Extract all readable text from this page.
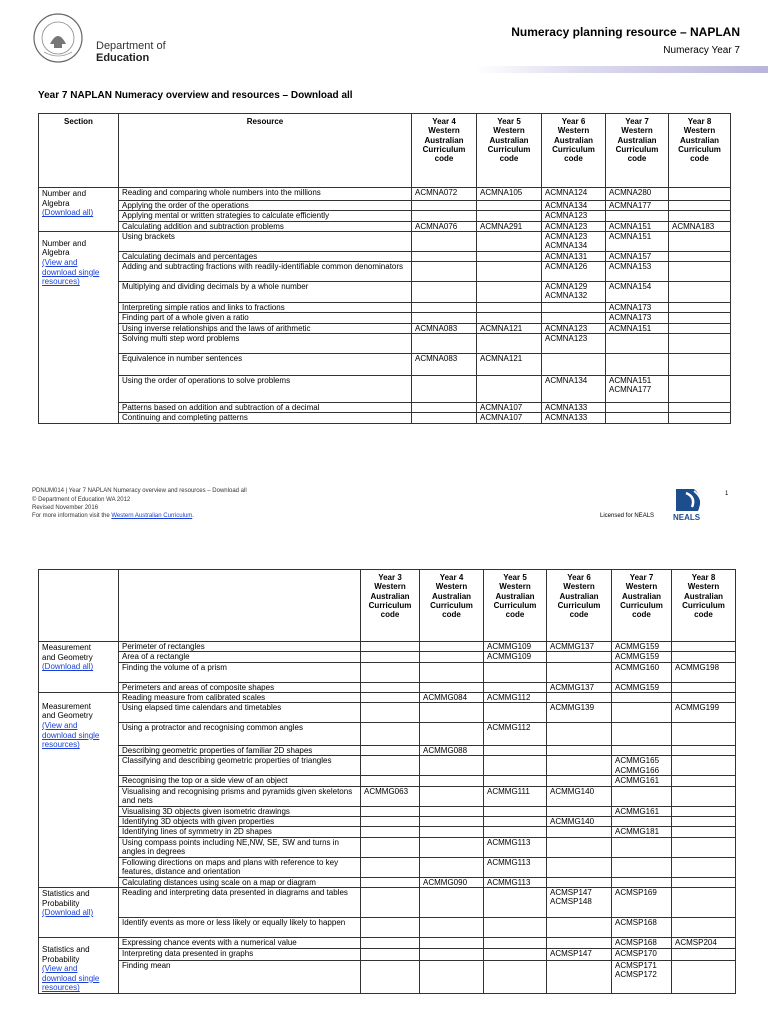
Department of
Education
Numeracy planning resource – NAPLAN
Numeracy Year 7
Year 7 NAPLAN Numeracy overview and resources – Download all
Section	Resource	Year 4
Western
Australian
Curriculum
code	Year 5
Western
Australian
Curriculum
code	Year 6
Western
Australian
Curriculum
code	Year 7
Western
Australian
Curriculum
code	Year 8
Western
Australian
Curriculum
code

Number and
Algebra
(Download all)	Reading and comparing whole numbers into the millions	ACMNA072	ACMNA105	ACMNA124	ACMNA280	
	Applying the order of the operations			ACMNA134	ACMNA177	
	Applying mental or written strategies to calculate efficiently			ACMNA123		
	Calculating addition and subtraction problems	ACMNA076	ACMNA291	ACMNA123	ACMNA151	ACMNA183

Number and
Algebra
(View and
download single
resources)	Using brackets			ACMNA123
ACMNA134	ACMNA151	
	Calculating decimals and percentages			ACMNA131	ACMNA157	
	Adding and subtracting fractions with readily-identifiable common denominators			ACMNA126	ACMNA153	
	Multiplying and dividing decimals by a whole number			ACMNA129
ACMNA132	ACMNA154	
	Interpreting simple ratios and links to fractions				ACMNA173	
	Finding part of a whole given a ratio				ACMNA173	
	Using inverse relationships and the laws of arithmetic	ACMNA083	ACMNA121	ACMNA123	ACMNA151	
	Solving multi step word problems			ACMNA123		
	Equivalence in number sentences	ACMNA083	ACMNA121			
	Using the order of operations to solve problems			ACMNA134	ACMNA151
ACMNA177	
	Patterns based on addition and subtraction of a decimal		ACMNA107	ACMNA133		
	Continuing and completing patterns		ACMNA107	ACMNA133		
PDNUM014 | Year 7 NAPLAN Numeracy overview and resources – Download all
© Department of Education WA 2012
Revised November 2016
For more information visit the Western Australian Curriculum.
1
Licensed for NEALS NEALS

		Year 3
Western
Australian
Curriculum
code	Year 4
Western
Australian
Curriculum
code	Year 5
Western
Australian
Curriculum
code	Year 6
Western
Australian
Curriculum
code	Year 7
Western
Australian
Curriculum
code	Year 8
Western
Australian
Curriculum
code

Measurement
and Geometry
(Download all)	Perimeter of rectangles			ACMMG109	ACMMG137	ACMMG159	
	Area of a rectangle			ACMMG109		ACMMG159	
	Finding the volume of a prism					ACMMG160	ACMMG198
	Perimeters and areas of composite shapes				ACMMG137	ACMMG159	

Measurement
and Geometry
(View and
download single
resources)	Reading measure from calibrated scales		ACMMG084	ACMMG112			
	Using elapsed time calendars and timetables				ACMMG139		ACMMG199
	Using a protractor and recognising common angles			ACMMG112			
	Describing geometric properties of familiar 2D shapes		ACMMG088				
	Classifying and describing geometric properties of triangles					ACMMG165
ACMMG166	
	Recognising the top or a side view of an object					ACMMG161	
	Visualising and recognising prisms and pyramids given skeletons and nets	ACMMG063		ACMMG111	ACMMG140		
	Visualising 3D objects given isometric drawings					ACMMG161	
	Identifying 3D objects with given properties				ACMMG140		
	Identifying lines of symmetry in 2D shapes					ACMMG181	
	Using compass points including NE,NW, SE, SW and turns in angles in degrees			ACMMG113			
	Following directions on maps and plans with reference to key features, distance and orientation			ACMMG113			
	Calculating distances using scale on a map or diagram		ACMMG090	ACMMG113			

Statistics and
Probability
(Download all)	Reading and interpreting data presented in diagrams and tables				ACMSP147
ACMSP148	ACMSP169	
	Identify events as more or less likely or equally likely to happen					ACMSP168	

Statistics and
Probability
(View and
download single
resources)	Expressing chance events with a numerical value					ACMSP168	ACMSP204
	Interpreting data presented in graphs				ACMSP147	ACMSP170	
	Finding mean					ACMSP171
ACMSP172	
